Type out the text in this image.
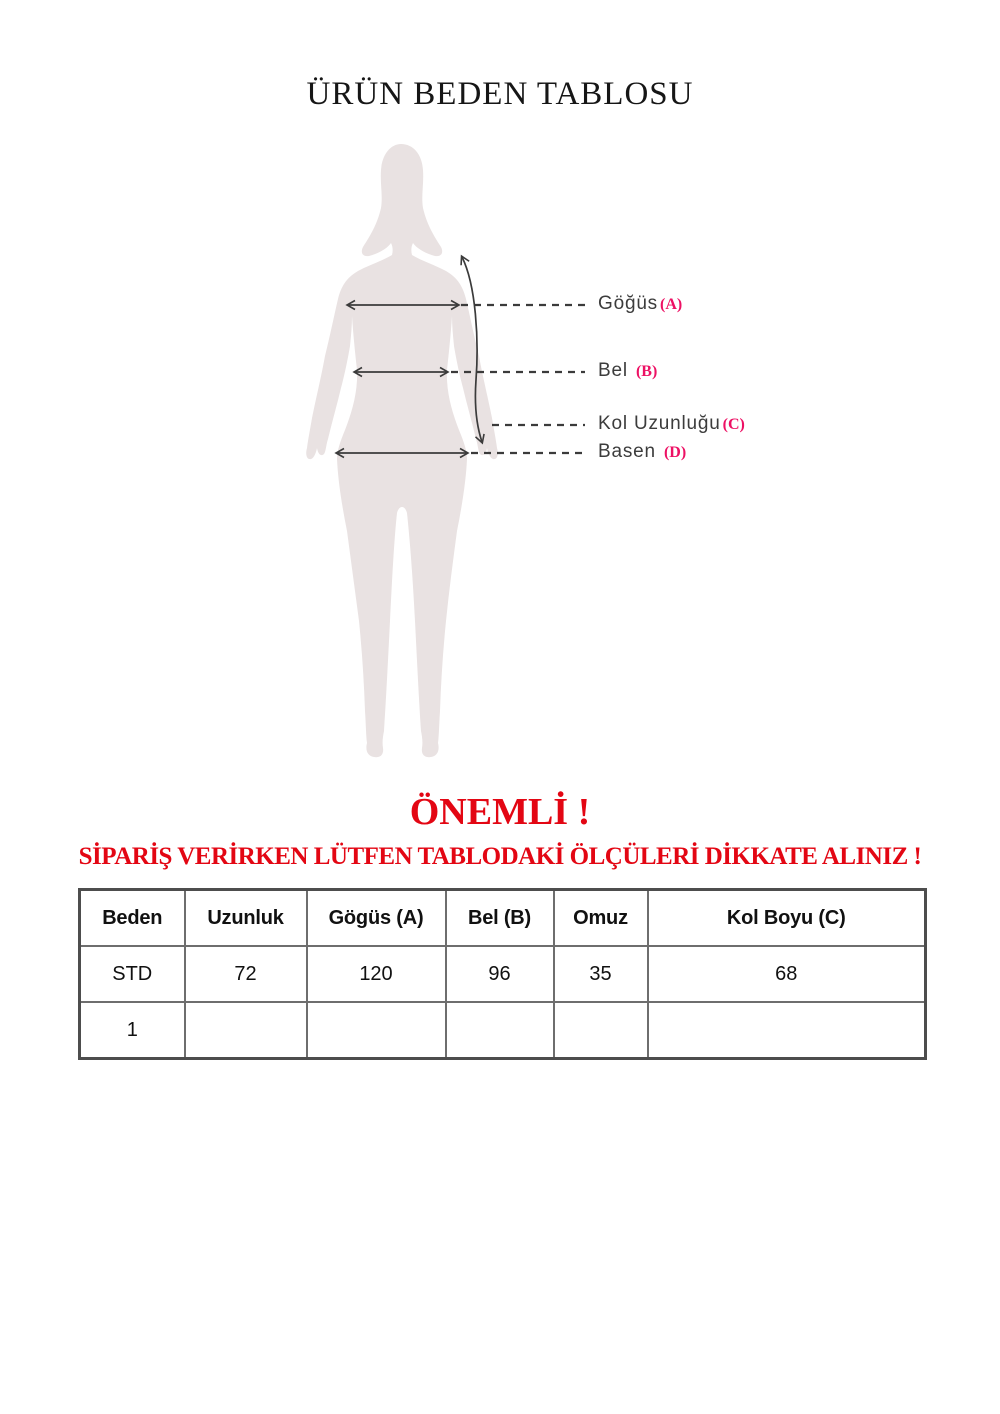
ÜRÜN BEDEN TABLOSU
Göğüs (A)
Bel (B)
Kol Uzunluğu (C)
Basen (D)
ÖNEMLİ !
SİPARİŞ VERİRKEN LÜTFEN TABLODAKİ ÖLÇÜLERİ DİKKATE ALINIZ !
Beden	Uzunluk	Gögüs (A)	Bel (B)	Omuz	Kol Boyu (C)
STD	72	120	96	35	68
1					
